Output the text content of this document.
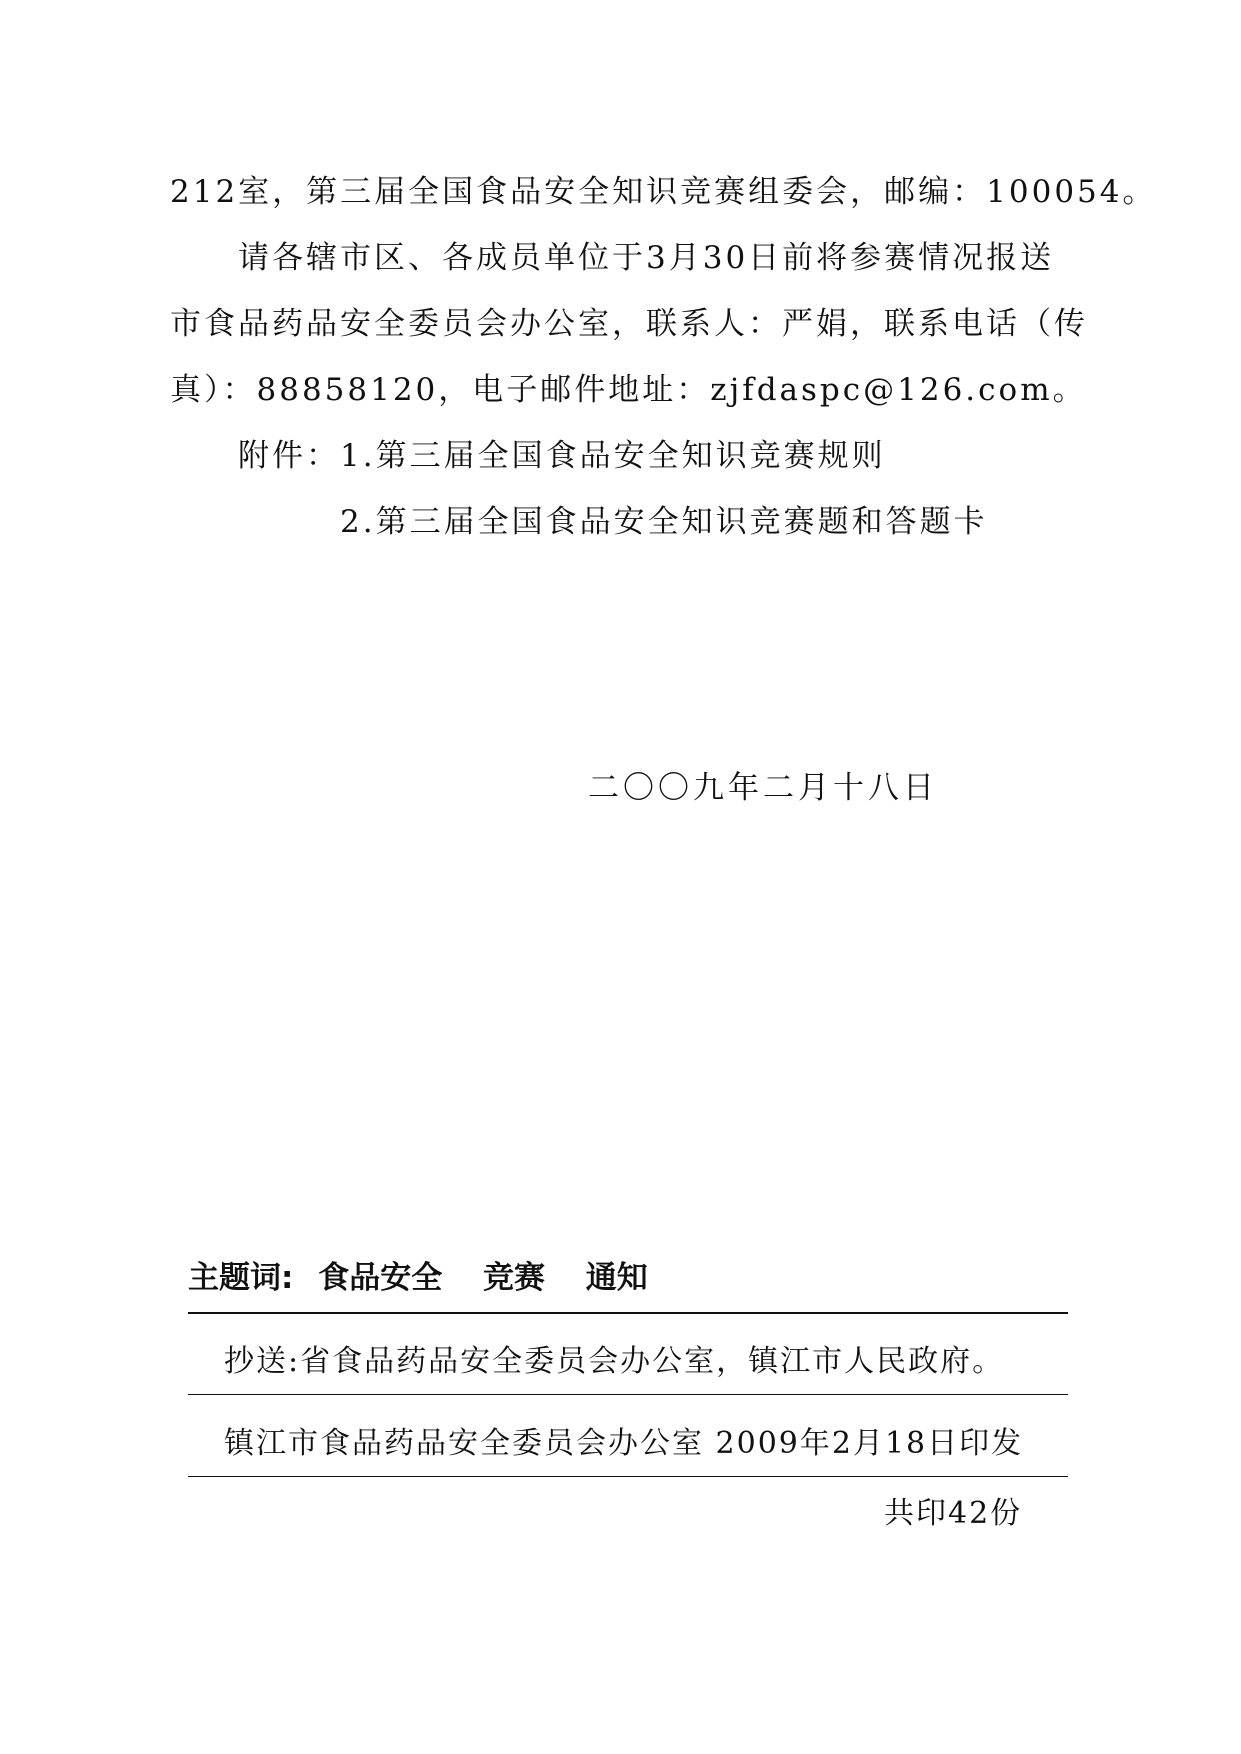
212室，第三届全国食品安全知识竞赛组委会，邮编：100054。
请各辖市区、各成员单位于3月30日前将参赛情况报送
市食品药品安全委员会办公室，联系人：严娟，联系电话（传
真）：88858120，电子邮件地址：zjfdaspc@126.com。
附件：1.第三届全国食品安全知识竞赛规则
2.第三届全国食品安全知识竞赛题和答题卡
二〇〇九年二月十八日
主题词: 食品安全 竞赛 通知
抄送:省食品药品安全委员会办公室，镇江市人民政府。
镇江市食品药品安全委员会办公室 2009年2月18日印发
共印42份
